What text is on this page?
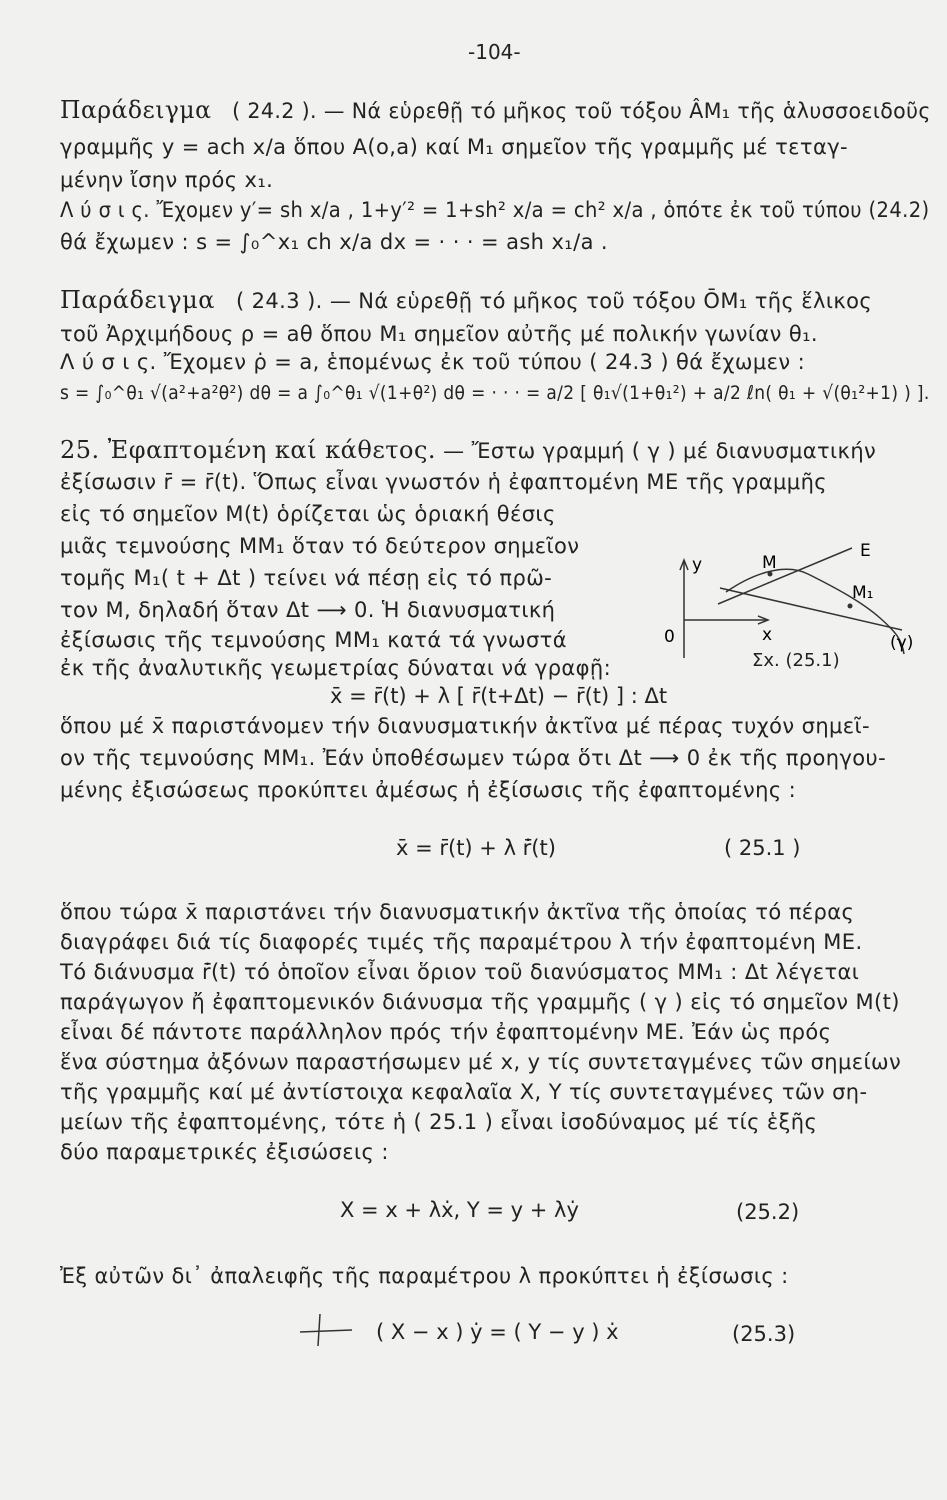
-104-
Παράδειγμα ( 24.2 ). — Νά εὑρεθῇ τό μῆκος τοῦ τόξου ÂM₁ τῆς ἁλυσσοειδοῦς
γραμμῆς y = ach x/a ὅπου A(o,a) καί M₁ σημεῖον τῆς γραμμῆς μέ τεταγ-
μένην ἴσην πρός x₁.
Λ ύ σ ι ς. Ἔχομεν y′= sh x/a , 1+y′² = 1+sh² x/a = ch² x/a , ὁπότε ἐκ τοῦ τύπου (24.2)
θά ἔχωμεν : s = ∫₀^x₁ ch x/a dx = · · · = ash x₁/a .
Παράδειγμα ( 24.3 ). — Νά εὑρεθῇ τό μῆκος τοῦ τόξου ŌM₁ τῆς ἕλικος
τοῦ Ἀρχιμήδους ρ = aθ ὅπου M₁ σημεῖον αὐτῆς μέ πολικήν γωνίαν θ₁.
Λ ύ σ ι ς. Ἔχομεν ρ̇ = a, ἑπομένως ἐκ τοῦ τύπου ( 24.3 ) θά ἔχωμεν :
s = ∫₀^θ₁ √(a²+a²θ²) dθ = a ∫₀^θ₁ √(1+θ²) dθ = · · · = a/2 [ θ₁√(1+θ₁²) + a/2 ℓn( θ₁ + √(θ₁²+1) ) ].
25. Ἐφαπτομένη καί κάθετος. — Ἔστω γραμμή ( γ ) μέ διανυσματικήν
ἐξίσωσιν r̄ = r̄(t). Ὅπως εἶναι γνωστόν ἡ ἐφαπτομένη ME τῆς γραμμῆς
εἰς τό σημεῖον M(t) ὁρίζεται ὡς ὁριακή θέσις
μιᾶς τεμνούσης MM₁ ὅταν τό δεύτερον σημεῖον
τομῆς M₁( t + Δt ) τείνει νά πέσῃ εἰς τό πρῶ-
τον M, δηλαδή ὅταν Δt ⟶ 0. Ἡ διανυσματική
ἐξίσωσις τῆς τεμνούσης MM₁ κατά τά γνωστά
ἐκ τῆς ἀναλυτικῆς γεωμετρίας δύναται νά γραφῇ:
x̄ = r̄(t) + λ [ r̄(t+Δt) − r̄(t) ] : Δt
y
x
0
M
M₁
E
(γ)
Σx. (25.1)
ὅπου μέ x̄ παριστάνομεν τήν διανυσματικήν ἀκτῖνα μέ πέρας τυχόν σημεῖ-
ον τῆς τεμνούσης MM₁. Ἐάν ὑποθέσωμεν τώρα ὅτι Δt ⟶ 0 ἐκ τῆς προηγου-
μένης ἐξισώσεως προκύπτει ἀμέσως ἡ ἐξίσωσις τῆς ἐφαπτομένης :
x̄ = r̄(t) + λ r̄̇(t)	( 25.1 )
ὅπου τώρα x̄ παριστάνει τήν διανυσματικήν ἀκτῖνα τῆς ὁποίας τό πέρας
διαγράφει διά τίς διαφορές τιμές τῆς παραμέτρου λ τήν ἐφαπτομένη ME.
Τό διάνυσμα r̄̇(t) τό ὁποῖον εἶναι ὅριον τοῦ διανύσματος MM₁ : Δt λέγεται
παράγωγον ἤ ἐφαπτομενικόν διάνυσμα τῆς γραμμῆς ( γ ) εἰς τό σημεῖον M(t)
εἶναι δέ πάντοτε παράλληλον πρός τήν ἐφαπτομένην ME. Ἐάν ὡς πρός
ἕνα σύστημα ἀξόνων παραστήσωμεν μέ x, y τίς συντεταγμένες τῶν σημείων
τῆς γραμμῆς καί μέ ἀντίστοιχα κεφαλαῖα X, Y τίς συντεταγμένες τῶν ση-
μείων τῆς ἐφαπτομένης, τότε ἡ ( 25.1 ) εἶναι ἰσοδύναμος μέ τίς ἑξῆς
δύο παραμετρικές ἐξισώσεις :
X = x + λẋ, Y = y + λẏ	(25.2)
Ἐξ αὐτῶν δι᾽ ἀπαλειφῆς τῆς παραμέτρου λ προκύπτει ἡ ἐξίσωσις :
( X − x ) ẏ = ( Y − y ) ẋ	(25.3)
